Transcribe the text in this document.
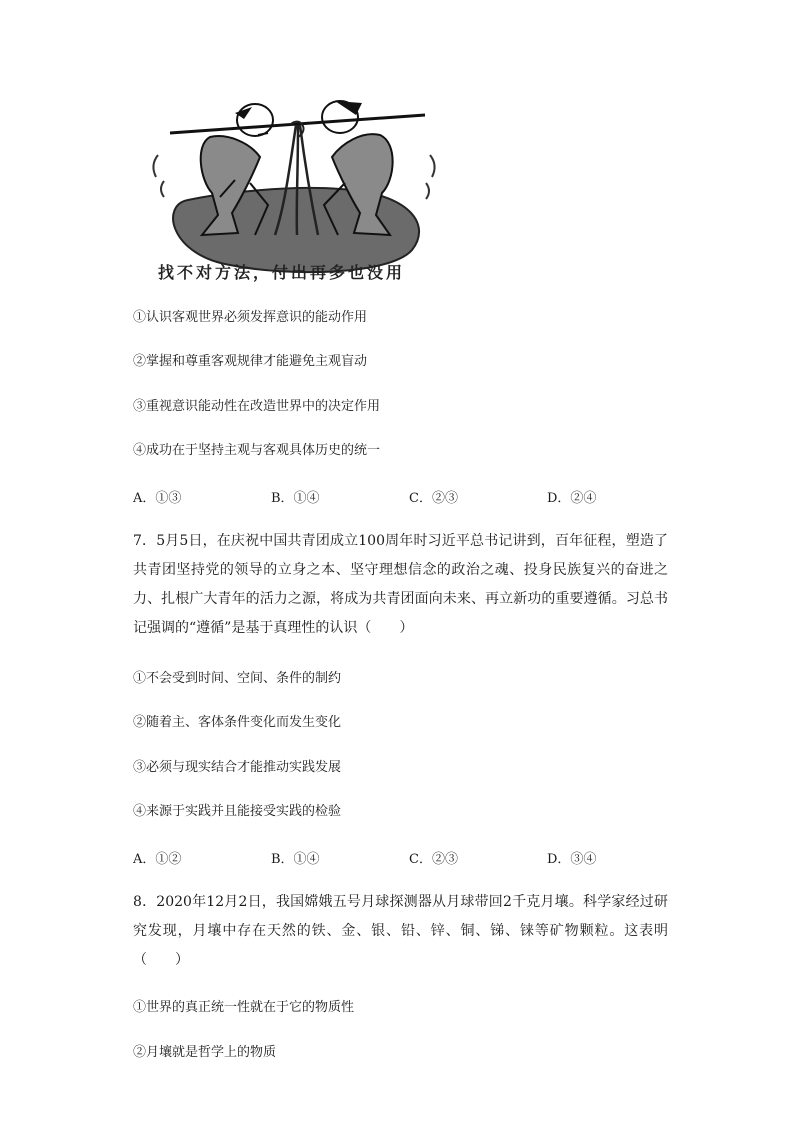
找不对方法，付出再多也没用
①认识客观世界必须发挥意识的能动作用
②掌握和尊重客观规律才能避免主观盲动
③重视意识能动性在改造世界中的决定作用
④成功在于坚持主观与客观具体历史的统一
A．①③	B．①④	C．②③	D．②④
7．5月5日，在庆祝中国共青团成立100周年时习近平总书记讲到，百年征程，塑造了共青团坚持党的领导的立身之本、坚守理想信念的政治之魂、投身民族复兴的奋进之力、扎根广大青年的活力之源，将成为共青团面向未来、再立新功的重要遵循。习总书记强调的“遵循”是基于真理性的认识（　　）
①不会受到时间、空间、条件的制约
②随着主、客体条件变化而发生变化
③必须与现实结合才能推动实践发展
④来源于实践并且能接受实践的检验
A．①②	B．①④	C．②③	D．③④
8．2020年12月2日，我国嫦娥五号月球探测器从月球带回2千克月壤。科学家经过研究发现，月壤中存在天然的铁、金、银、铅、锌、铜、锑、铼等矿物颗粒。这表明（　　）
①世界的真正统一性就在于它的物质性
②月壤就是哲学上的物质
